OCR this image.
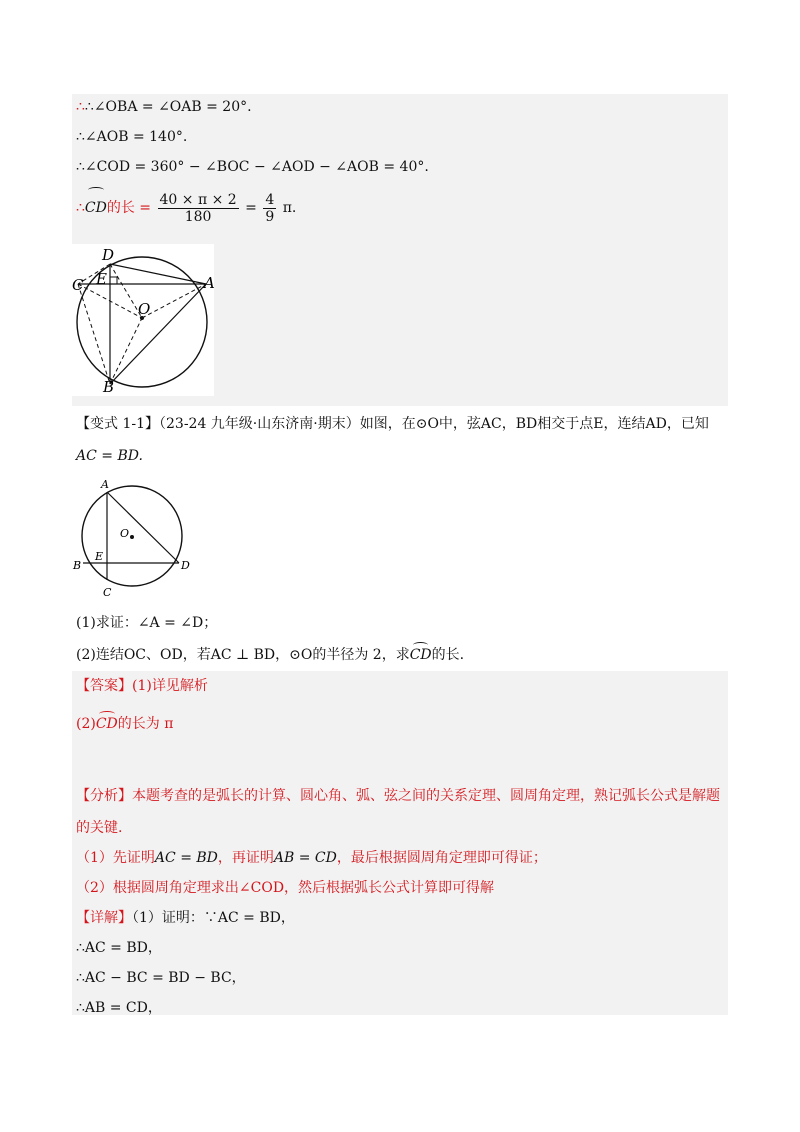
∴∴∠OBA = ∠OAB = 20°.
∴∠AOB = 140°.
∴∠COD = 360° − ∠BOC − ∠AOD − ∠AOB = 40°.
∴CD的长 = $\frac{40 \times \pi \times 2}{180} = \frac{4}{9} \pi$.
D
C E	A
O
B
【变式 1-1】（23-24 九年级·山东济南·期末）如图，在⊙O中，弦AC，BD相交于点E，连结AD，已知
AC = BD.
A
O
E
B	D
C
(1)求证：∠A = ∠D；
(2)连结OC、OD，若AC ⊥ BD，⊙O的半径为 2，求CD的长.
【答案】(1)详见解析
(2)CD的长为 π
【分析】本题考查的是弧长的计算、圆心角、弧、弦之间的关系定理、圆周角定理，熟记弧长公式是解题
的关键.
（1）先证明AC = BD，再证明AB = CD，最后根据圆周角定理即可得证；
（2）根据圆周角定理求出∠COD，然后根据弧长公式计算即可得解
【详解】（1）证明：∵AC = BD，
∴AC = BD，
∴AC − BC = BD − BC，
∴AB = CD，
